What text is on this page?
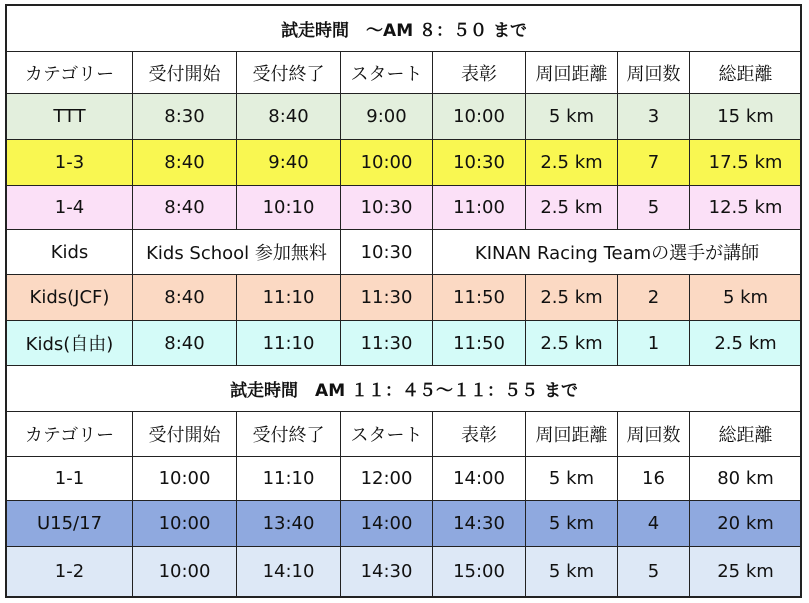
試走時間　～AM ８：５０ まで							
カテゴリー	受付開始	受付終了	スタート	表彰	周回距離	周回数	総距離
TTT	8:30	8:40	9:00	10:00	5 km	3	15 km
1-3	8:40	9:40	10:00	10:30	2.5 km	7	17.5 km
1-4	8:40	10:10	10:30	11:00	2.5 km	5	12.5 km
Kids	Kids School 参加無料		10:30	KINAN Racing Teamの選手が講師			
Kids(JCF)	8:40	11:10	11:30	11:50	2.5 km	2	5 km
Kids(自由)	8:40	11:10	11:30	11:50	2.5 km	1	2.5 km
試走時間　AM １１：４５～１１：５５ まで							
カテゴリー	受付開始	受付終了	スタート	表彰	周回距離	周回数	総距離
1-1	10:00	11:10	12:00	14:00	5 km	16	80 km
U15/17	10:00	13:40	14:00	14:30	5 km	4	20 km
1-2	10:00	14:10	14:30	15:00	5 km	5	25 km
